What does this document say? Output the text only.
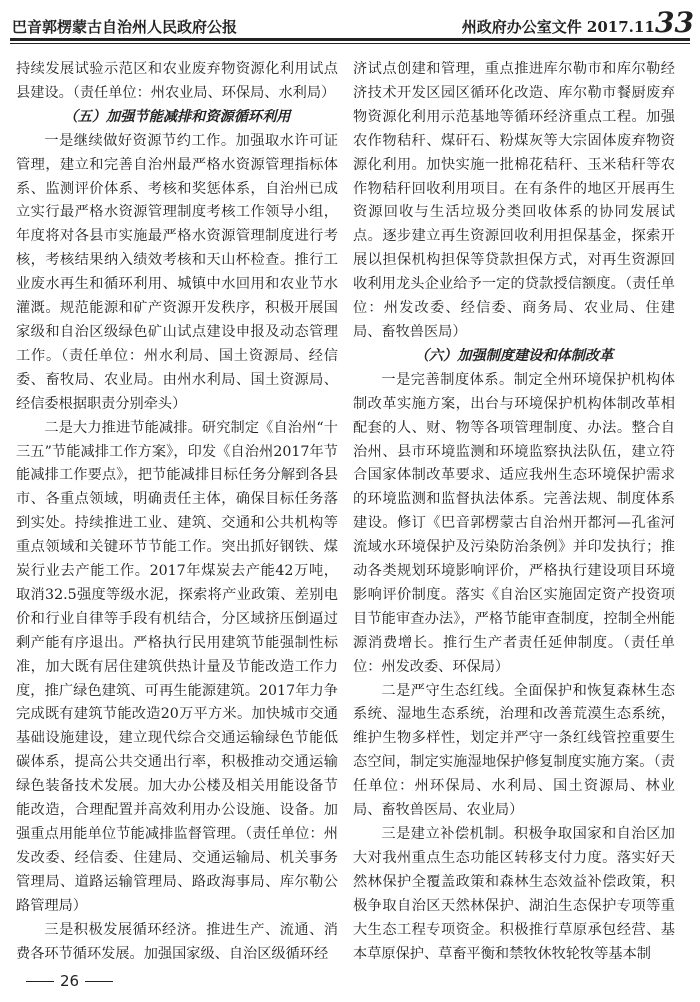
巴音郭楞蒙古自治州人民政府公报	州政府办公室文件 2017.11.
33

持续发展试验示范区和农业废弃物资源化利用试点县建设。（责任单位：州农业局、环保局、水利局）

（五）加强节能减排和资源循环利用

一是继续做好资源节约工作。加强取水许可证管理，建立和完善自治州最严格水资源管理指标体系、监测评价体系、考核和奖惩体系，自治州已成立实行最严格水资源管理制度考核工作领导小组，年度将对各县市实施最严格水资源管理制度进行考核，考核结果纳入绩效考核和天山杯检查。推行工业废水再生和循环利用、城镇中水回用和农业节水灌溉。规范能源和矿产资源开发秩序，积极开展国家级和自治区级绿色矿山试点建设申报及动态管理工作。（责任单位：州水利局、国土资源局、经信委、畜牧局、农业局。由州水利局、国土资源局、经信委根据职责分别牵头）

二是大力推进节能减排。研究制定《自治州“十三五”节能减排工作方案》，印发《自治州2017年节能减排工作要点》，把节能减排目标任务分解到各县市、各重点领域，明确责任主体，确保目标任务落到实处。持续推进工业、建筑、交通和公共机构等重点领域和关键环节节能工作。突出抓好钢铁、煤炭行业去产能工作。2017年煤炭去产能42万吨，取消32.5强度等级水泥，探索将产业政策、差别电价和行业自律等手段有机结合，分区域挤压倒逼过剩产能有序退出。严格执行民用建筑节能强制性标准，加大既有居住建筑供热计量及节能改造工作力度，推广绿色建筑、可再生能源建筑。2017年力争完成既有建筑节能改造20万平方米。加快城市交通基础设施建设，建立现代综合交通运输绿色节能低碳体系，提高公共交通出行率，积极推动交通运输绿色装备技术发展。加大办公楼及相关用能设备节能改造，合理配置并高效利用办公设施、设备。加强重点用能单位节能减排监督管理。（责任单位：州发改委、经信委、住建局、交通运输局、机关事务管理局、道路运输管理局、路政海事局、库尔勒公路管理局）

三是积极发展循环经济。推进生产、流通、消费各环节循环发展。加强国家级、自治区级循环经

济试点创建和管理，重点推进库尔勒市和库尔勒经济技术开发区园区循环化改造、库尔勒市餐厨废弃物资源化利用示范基地等循环经济重点工程。加强农作物秸秆、煤矸石、粉煤灰等大宗固体废弃物资源化利用。加快实施一批棉花秸秆、玉米秸秆等农作物秸秆回收利用项目。在有条件的地区开展再生资源回收与生活垃圾分类回收体系的协同发展试点。逐步建立再生资源回收利用担保基金，探索开展以担保机构担保等贷款担保方式，对再生资源回收利用龙头企业给予一定的贷款授信额度。（责任单位：州发改委、经信委、商务局、农业局、住建局、畜牧兽医局）

（六）加强制度建设和体制改革

一是完善制度体系。制定全州环境保护机构体制改革实施方案，出台与环境保护机构体制改革相配套的人、财、物等各项管理制度、办法。整合自治州、县市环境监测和环境监察执法队伍，建立符合国家体制改革要求、适应我州生态环境保护需求的环境监测和监督执法体系。完善法规、制度体系建设。修订《巴音郭楞蒙古自治州开都河—孔雀河流域水环境保护及污染防治条例》并印发执行；推动各类规划环境影响评价，严格执行建设项目环境影响评价制度。落实《自治区实施固定资产投资项目节能审查办法》，严格节能审查制度，控制全州能源消费增长。推行生产者责任延伸制度。（责任单位：州发改委、环保局）

二是严守生态红线。全面保护和恢复森林生态系统、湿地生态系统，治理和改善荒漠生态系统，维护生物多样性，划定并严守一条红线管控重要生态空间，制定实施湿地保护修复制度实施方案。（责任单位：州环保局、水利局、国土资源局、林业局、畜牧兽医局、农业局）

三是建立补偿机制。积极争取国家和自治区加大对我州重点生态功能区转移支付力度。落实好天然林保护全覆盖政策和森林生态效益补偿政策，积极争取自治区天然林保护、湖泊生态保护专项等重大生态工程专项资金。积极推行草原承包经营、基本草原保护、草畜平衡和禁牧休牧轮牧等基本制

26
